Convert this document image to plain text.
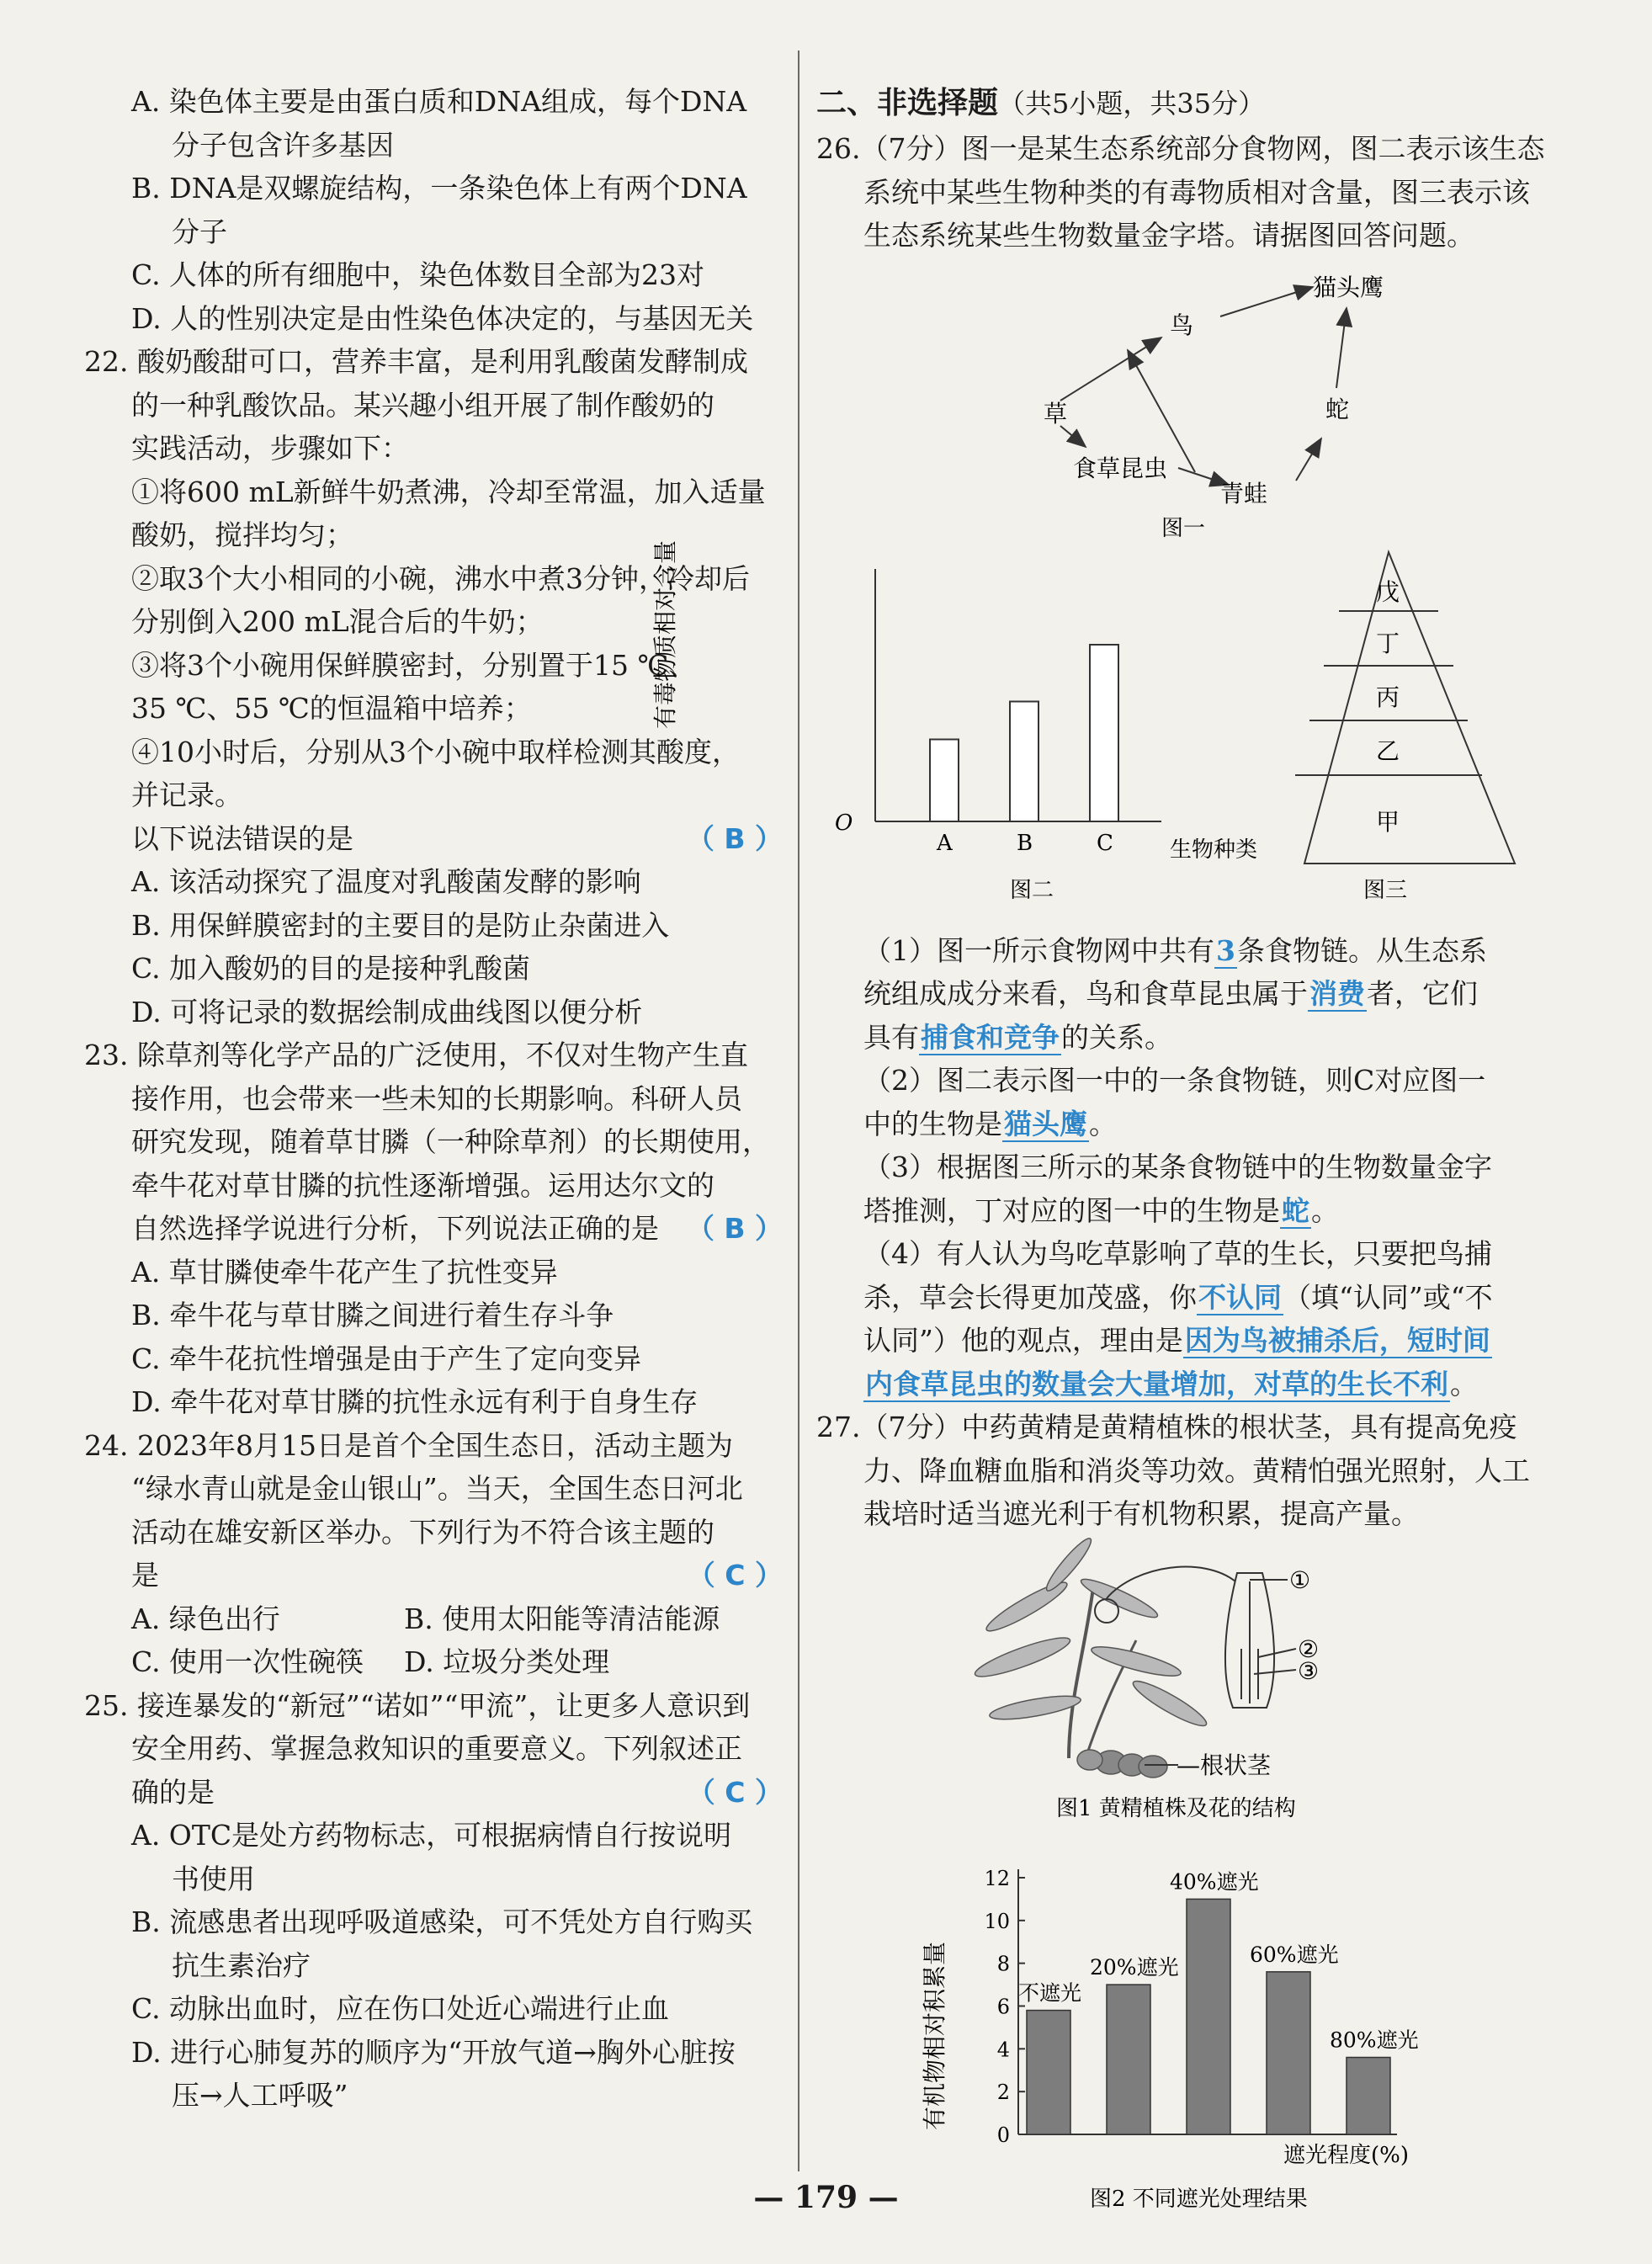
A. 染色体主要是由蛋白质和DNA组成，每个DNA
分子包含许多基因
B. DNA是双螺旋结构，一条染色体上有两个DNA
分子
C. 人体的所有细胞中，染色体数目全部为23对
D. 人的性别决定是由性染色体决定的，与基因无关
22. 酸奶酸甜可口，营养丰富，是利用乳酸菌发酵制成
的一种乳酸饮品。某兴趣小组开展了制作酸奶的
实践活动，步骤如下：
①将600 mL新鲜牛奶煮沸，冷却至常温，加入适量
酸奶，搅拌均匀；
②取3个大小相同的小碗，沸水中煮3分钟，冷却后
分别倒入200 mL混合后的牛奶；
③将3个小碗用保鲜膜密封，分别置于15 ℃、
35 ℃、55 ℃的恒温箱中培养；
④10小时后，分别从3个小碗中取样检测其酸度，
并记录。
以下说法错误的是	（ B ）
A. 该活动探究了温度对乳酸菌发酵的影响
B. 用保鲜膜密封的主要目的是防止杂菌进入
C. 加入酸奶的目的是接种乳酸菌
D. 可将记录的数据绘制成曲线图以便分析
23. 除草剂等化学产品的广泛使用，不仅对生物产生直
接作用，也会带来一些未知的长期影响。科研人员
研究发现，随着草甘膦（一种除草剂）的长期使用，
牵牛花对草甘膦的抗性逐渐增强。运用达尔文的
自然选择学说进行分析，下列说法正确的是 （ B ）
A. 草甘膦使牵牛花产生了抗性变异
B. 牵牛花与草甘膦之间进行着生存斗争
C. 牵牛花抗性增强是由于产生了定向变异
D. 牵牛花对草甘膦的抗性永远有利于自身生存
24. 2023年8月15日是首个全国生态日，活动主题为
“绿水青山就是金山银山”。当天，全国生态日河北
活动在雄安新区举办。下列行为不符合该主题的
是	（ C ）
A. 绿色出行	B. 使用太阳能等清洁能源
C. 使用一次性碗筷 D. 垃圾分类处理
25. 接连暴发的“新冠”“诺如”“甲流”，让更多人意识到
安全用药、掌握急救知识的重要意义。下列叙述正
确的是	（ C ）
A. OTC是处方药物标志，可根据病情自行按说明
书使用
B. 流感患者出现呼吸道感染，可不凭处方自行购买
抗生素治疗
C. 动脉出血时，应在伤口处近心端进行止血
D. 进行心肺复苏的顺序为“开放气道→胸外心脏按
压→人工呼吸”
二、非选择题（共5小题，共35分）
26.（7分）图一是某生态系统部分食物网，图二表示该生态
系统中某些生物种类的有毒物质相对含量，图三表示该
生态系统某些生物数量金字塔。请据图回答问题。
草
鸟
猫头鹰
蛇
食草昆虫
青蛙
图一
A	B	C
有毒物质相对含量
O
生物种类
图二
戊
丁
丙
乙
甲
图三
（1）图一所示食物网中共有3条食物链。从生态系
统组成成分来看，鸟和食草昆虫属于消费者，它们
具有捕食和竞争的关系。
（2）图二表示图一中的一条食物链，则C对应图一
中的生物是猫头鹰。
（3）根据图三所示的某条食物链中的生物数量金字
塔推测，丁对应的图一中的生物是蛇。
（4）有人认为鸟吃草影响了草的生长，只要把鸟捕
杀，草会长得更加茂盛，你不认同（填“认同”或“不
认同”）他的观点，理由是因为鸟被捕杀后，短时间
内食草昆虫的数量会大量增加，对草的生长不利。
27.（7分）中药黄精是黄精植株的根状茎，具有提高免疫
力、降血糖血脂和消炎等功效。黄精怕强光照射，人工
栽培时适当遮光利于有机物积累，提高产量。
①
②
③
—根状茎
图1 黄精植株及花的结构
0
2
4
6
8
10
12
不遮光
20%遮光
40%遮光
60%遮光
80%遮光
有机物相对积累量
遮光程度(%)
图2 不同遮光处理结果
— 179 —
